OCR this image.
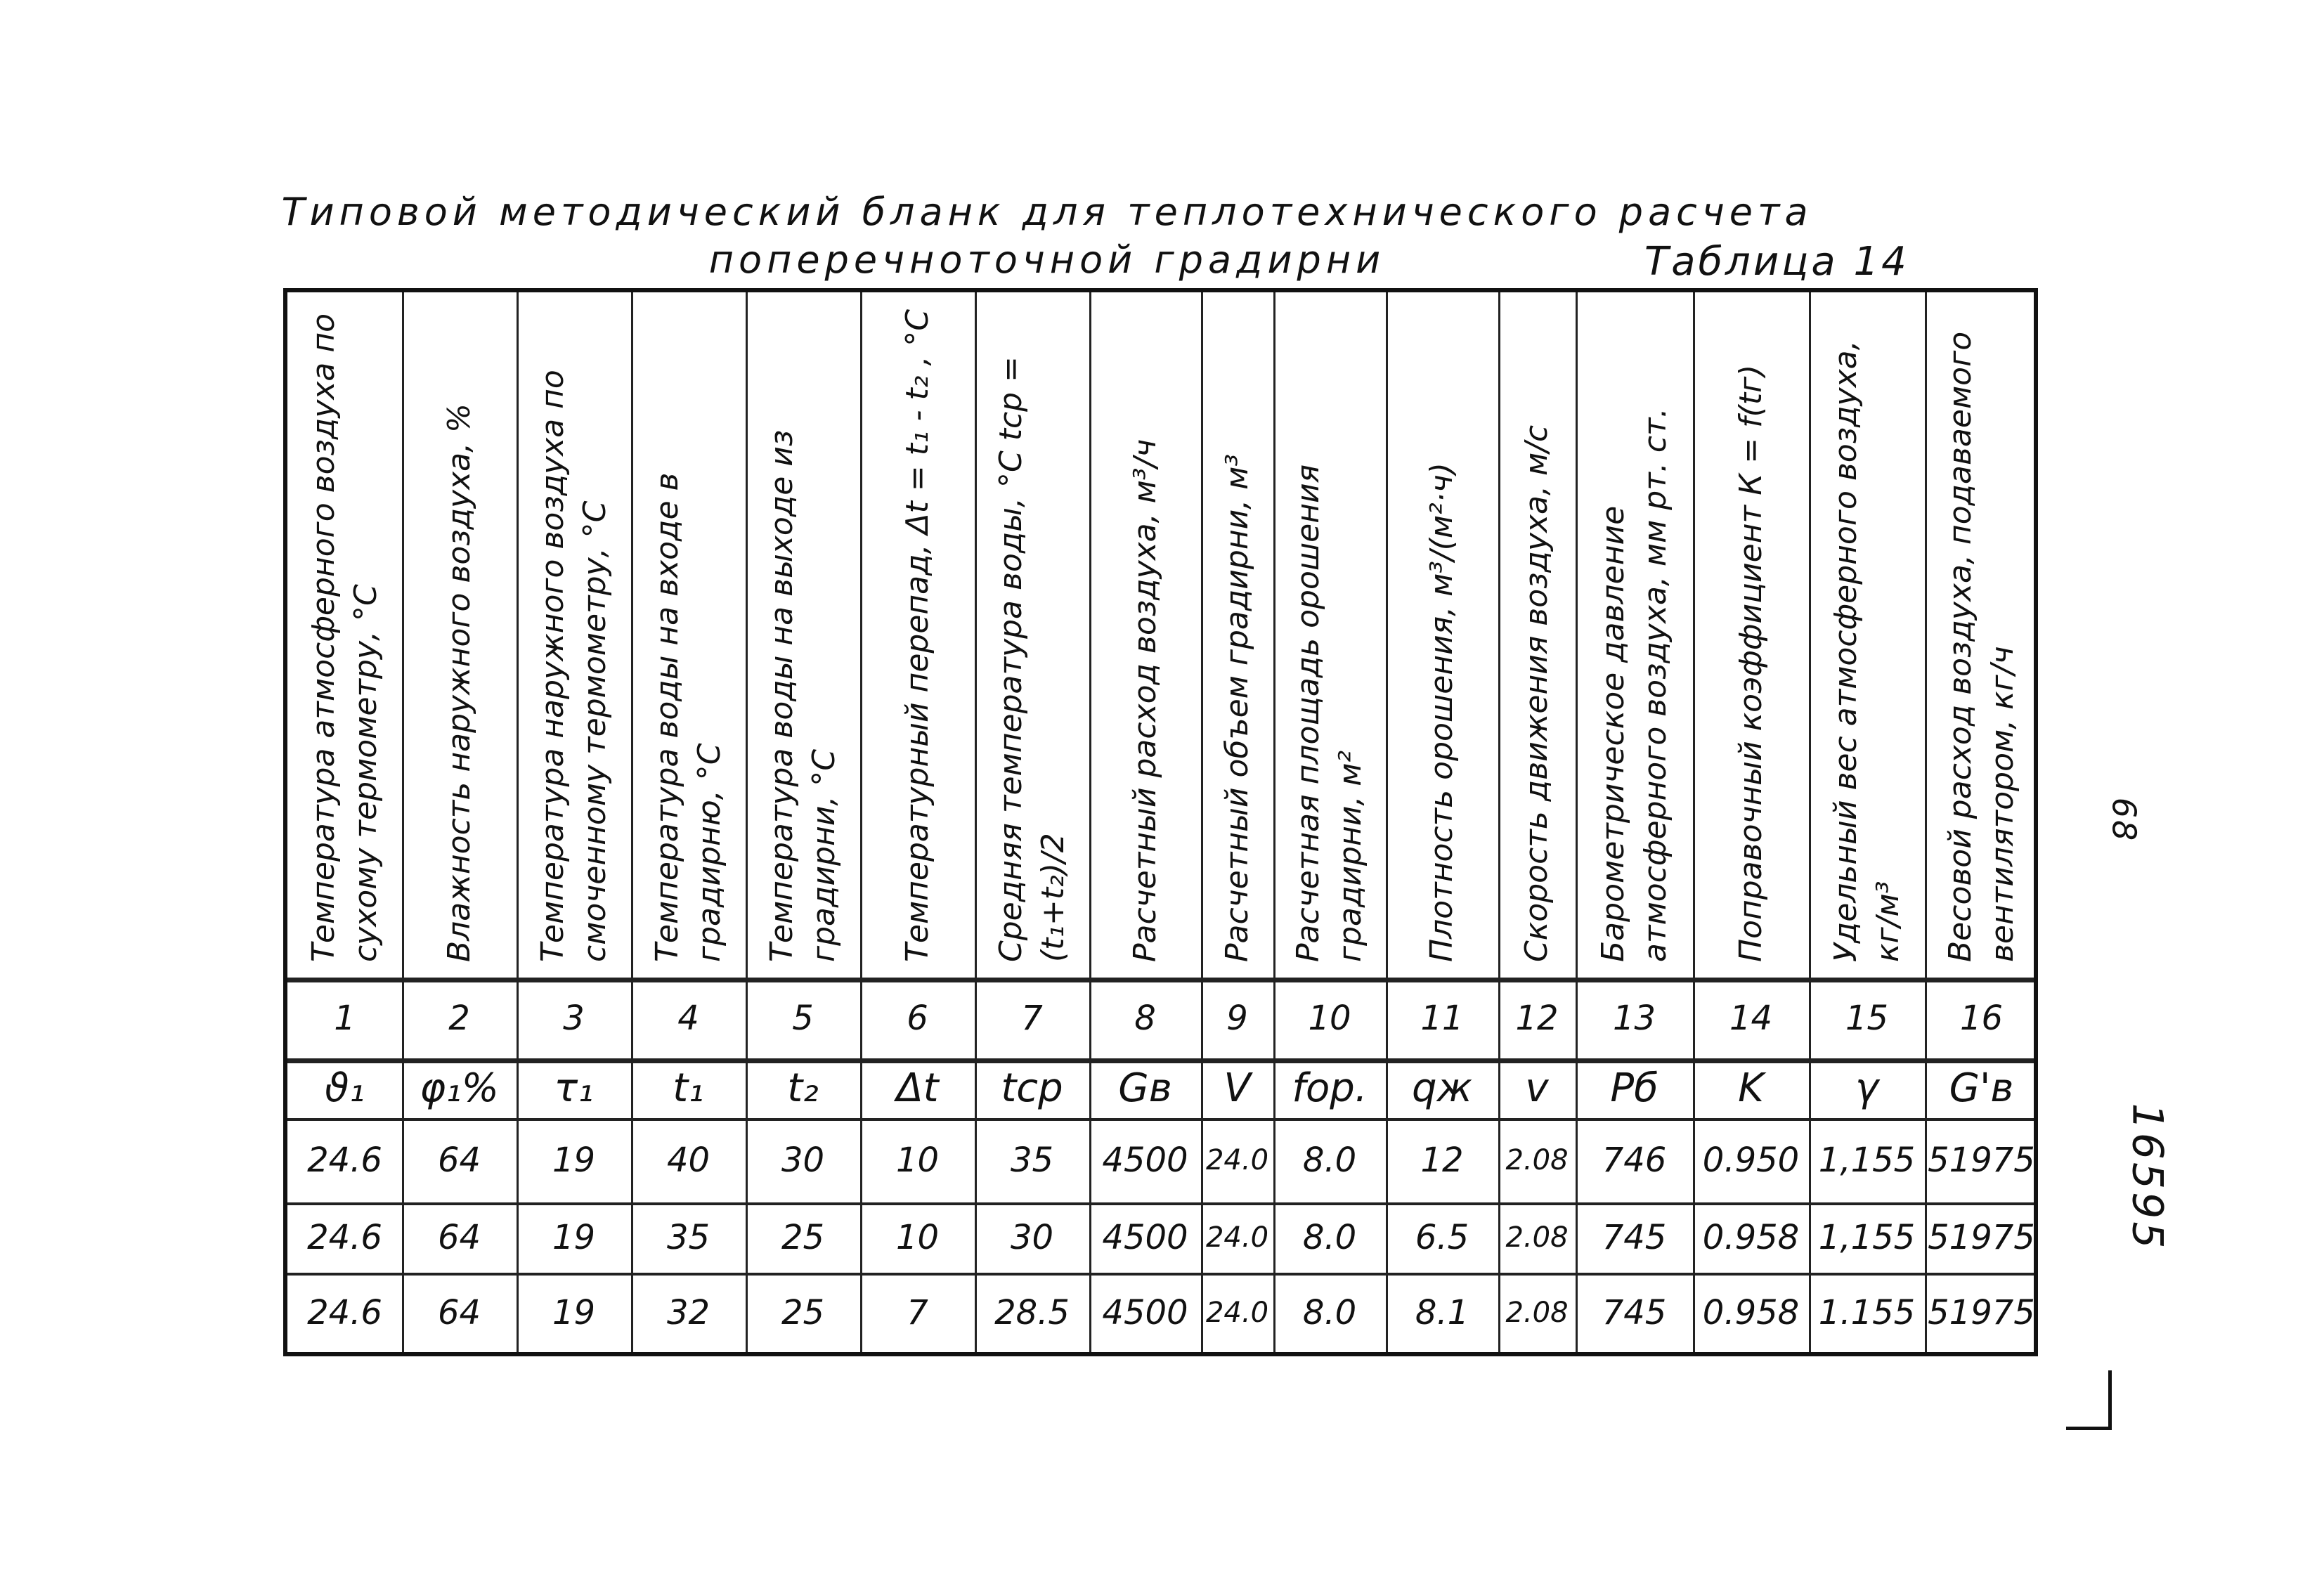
Типовой методический бланк для теплотехнического расчета
поперечноточной градирни	Таблица 14
Температура атмосферного воздуха по сухому термометру, °С
1
ϑ₁
24.6
24.6
24.6
Влажность наружного воздуха, %
2
φ₁%
64
64
64
Температура наружного воздуха по смоченному термометру, °С
3
τ₁
19
19
19
Температура воды на входе в градирню, °С
4
t₁
40
35
32
Температура воды на выходе из градирни, °С
5
t₂
30
25
25
Температурный перепад, Δt = t₁ - t₂ , °С
6
Δt
10
10
7
Средняя температура воды, °С tср = (t₁+t₂)/2
7
tср
35
30
28.5
Расчетный расход воздуха, м³/ч
8
Gв
4500
4500
4500
Расчетный объем градирни, м³
9
V
24.0
24.0
24.0
Расчетная площадь орошения градирни, м²
10
fор.
8.0
8.0
8.0
Плотность орошения, м³/(м²·ч)
11
qж
12
6.5
8.1
Скорость движения воздуха, м/с
12
v
2.08
2.08
2.08
Барометрическое давление атмосферного воздуха, мм рт. ст.
13
Pб
746
745
745
Поправочный коэффициент К = f(tг)
14
K
0.950
0.958
0.958
Удельный вес атмосферного воздуха, кг/м³
15
γ
1,155
1,155
1.155
Весовой расход воздуха, подаваемого вентилятором, кг/ч
16
G'в
51975
51975
51975
68
16595
